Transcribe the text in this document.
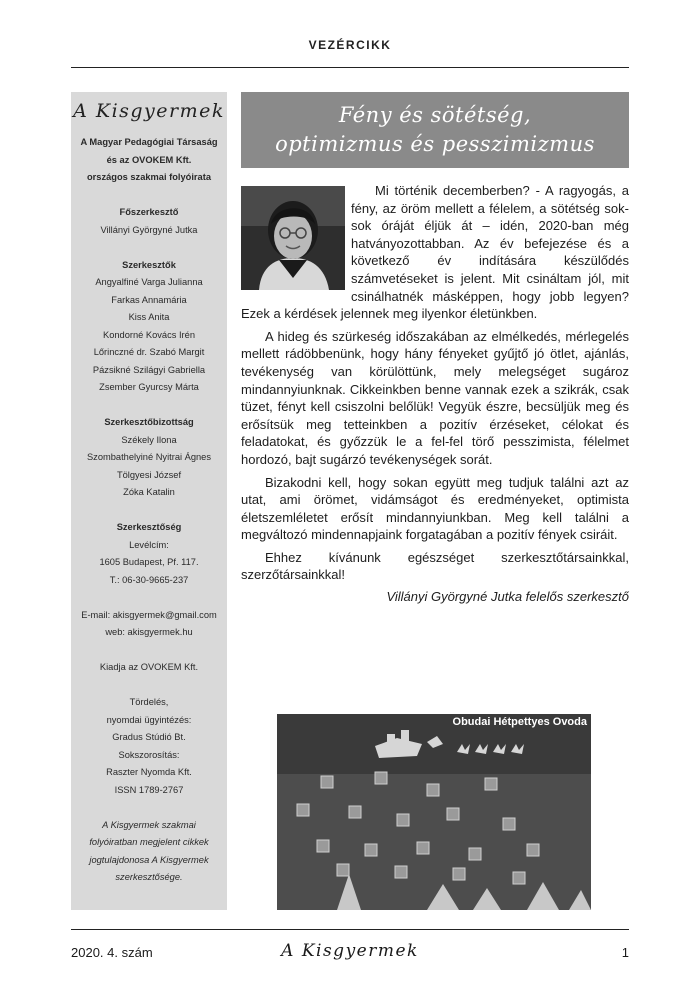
VEZÉRCIKK
A Kisgyermek
A Magyar Pedagógiai Társaság
és az OVOKEM Kft.
országos szakmai folyóirata
Főszerkesztő
Villányi Györgyné Jutka
Szerkesztők
Angyalfiné Varga Julianna
Farkas Annamária
Kiss Anita
Kondorné Kovács Irén
Lőrinczné dr. Szabó Margit
Pázsikné Szilágyi Gabriella
Zsember Gyurcsy Márta
Szerkesztőbizottság
Székely Ilona
Szombathelyiné Nyitrai Ágnes
Tölgyesi József
Zóka Katalin
Szerkesztőség
Levélcím:
1605 Budapest, Pf. 117.
T.: 06-30-9665-237
E-mail: akisgyermek@gmail.com
web: akisgyermek.hu
Kiadja az OVOKEM Kft.
Tördelés,
nyomdai ügyintézés:
Gradus Stúdió Bt.
Sokszorosítás:
Raszter Nyomda Kft.
ISSN 1789-2767
A Kisgyermek szakmai
folyóiratban megjelent cikkek
jogtulajdonosa A Kisgyermek
szerkesztősége.
Fény és sötétség,
optimizmus és pesszimizmus

Mi történik decemberben? - A ragyogás, a fény, az öröm mellett a félelem, a sötétség sok-sok óráját éljük át – idén, 2020-ban még hatványozottabban. Az év befejezése és a következő év indítására készülődés számvetéseket is jelent. Mit csináltam jól, mit csinálhatnék másképpen, hogy jobb legyen? Ezek a kérdések jelennek meg ilyenkor életünkben.

A hideg és szürkeség időszakában az elmélkedés, mérlegelés mellett rádöbbenünk, hogy hány fényeket gyűjtő jó ötlet, ajánlás, tevékenység van körülöttünk, mely melegséget sugároz mindannyiunknak. Cikkeinkben benne vannak ezek a szikrák, csak tüzet, fényt kell csiszolni belőlük! Vegyük észre, becsüljük meg és erősítsük meg tetteinkben a pozitív érzéseket, célokat és feladatokat, és győzzük le a fel-fel törő pesszimista, félelmet hordozó, bajt sugárzó tevékenységek sorát.

Bizakodni kell, hogy sokan együtt meg tudjuk találni azt az utat, ami örömet, vidámságot és eredményeket, optimista életszemléletet erősít mindannyiunkban. Meg kell találni a megváltozó mindennapjaink forgatagában a pozitív fények csiráit.

Ehhez kívánunk egészséget szerkesztőtársainkkal, szerzőtársainkkal!

Villányi Györgyné Jutka felelős szerkesztő
Obudai Hétpettyes Ovoda
2020. 4. szám	A Kisgyermek	1
